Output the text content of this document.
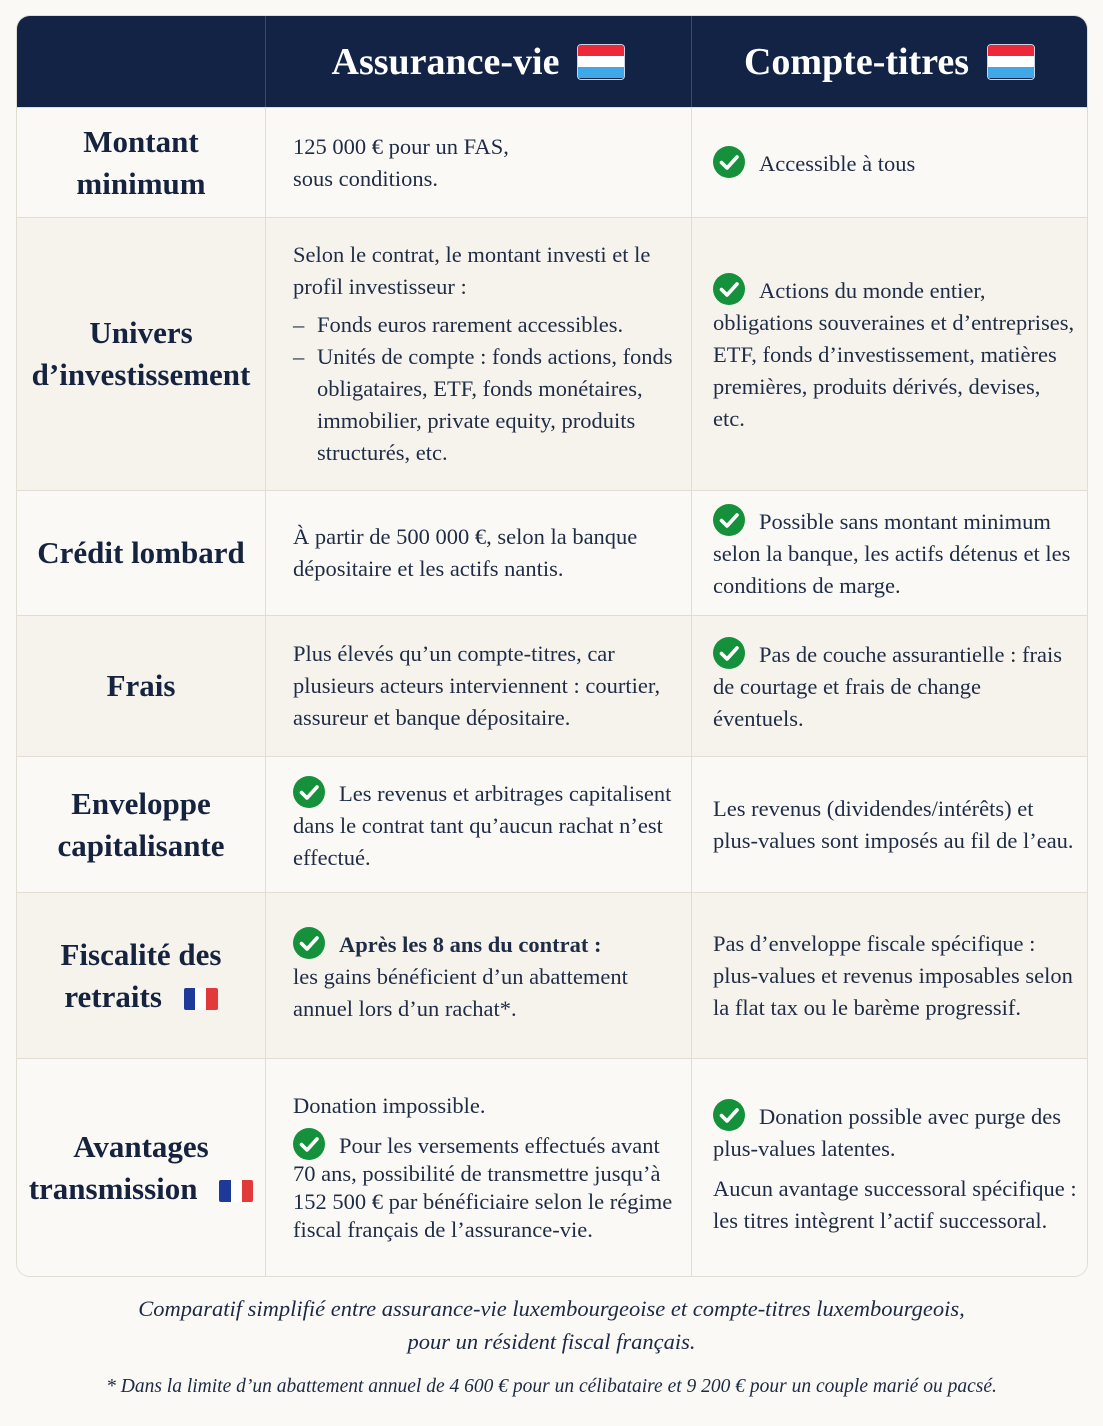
Assurance-vie	Compte-titres
Montant minimum
125 000 € pour un FAS,
sous conditions.
Accessible à tous
Univers
d’investissement
Selon le contrat, le montant investi et le profil investisseur :
– Fonds euros rarement accessibles.
– Unités de compte : fonds actions, fonds obligataires, ETF, fonds monétaires, immobilier, private equity, produits structurés, etc.
Actions du monde entier, obligations souveraines et d’entreprises, ETF, fonds d’investissement, matières premières, produits dérivés, devises, etc.
Crédit lombard À partir de 500 000 €, selon la banque dépositaire et les actifs nantis.
Possible sans montant minimum selon la banque, les actifs détenus et les conditions de marge.
Frais
Plus élevés qu’un compte-titres, car plusieurs acteurs interviennent : courtier, assureur et banque dépositaire.
Pas de couche assurantielle : frais de courtage et frais de change éventuels.
Enveloppe
capitalisante
Les revenus et arbitrages capitalisent dans le contrat tant qu’aucun rachat n’est effectué.
Les revenus (dividendes/intérêts) et plus-values sont imposés au fil de l’eau.
Fiscalité des
retraits
Après les 8 ans du contrat :
les gains bénéficient d’un abattement annuel lors d’un rachat*.
Pas d’enveloppe fiscale spécifique : plus-values et revenus imposables selon la flat tax ou le barème progressif.
Avantages
transmission
Donation impossible.
Pour les versements effectués avant 70 ans, possibilité de transmettre jusqu’à 152 500 € par bénéficiaire selon le régime fiscal français de l’assurance-vie.
Donation possible avec purge des plus-values latentes.
Aucun avantage successoral spécifique : les titres intègrent l’actif successoral.
Comparatif simplifié entre assurance-vie luxembourgeoise et compte-titres luxembourgeois,
pour un résident fiscal français.
* Dans la limite d’un abattement annuel de 4 600 € pour un célibataire et 9 200 € pour un couple marié ou pacsé.
